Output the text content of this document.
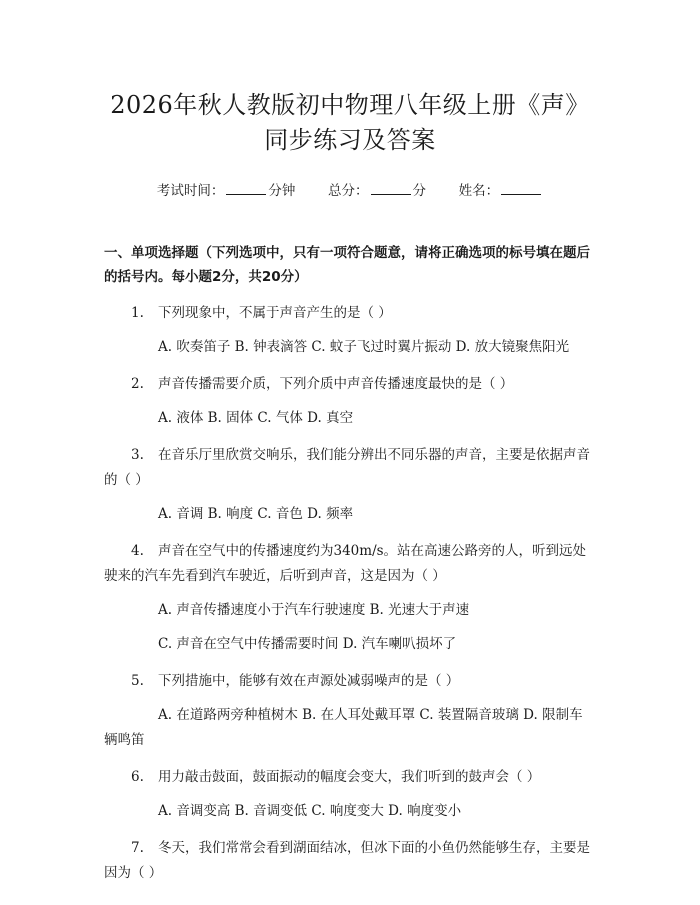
2026年秋人教版初中物理八年级上册《声》
同步练习及答案
考试时间：	分钟 总分：	分 姓名：
一、单项选择题（下列选项中，只有一项符合题意，请将正确选项的标号填在题后的括号内。每小题2分，共20分）
1. 下列现象中，不属于声音产生的是（ ）
A. 吹奏笛子 B. 钟表滴答 C. 蚊子飞过时翼片振动 D. 放大镜聚焦阳光
2. 声音传播需要介质，下列介质中声音传播速度最快的是（ ）
A. 液体 B. 固体 C. 气体 D. 真空
3. 在音乐厅里欣赏交响乐，我们能分辨出不同乐器的声音，主要是依据声音的（ ）
A. 音调 B. 响度 C. 音色 D. 频率
4. 声音在空气中的传播速度约为340m/s。站在高速公路旁的人，听到远处驶来的汽车先看到汽车驶近，后听到声音，这是因为（ ）
A. 声音传播速度小于汽车行驶速度 B. 光速大于声速
C. 声音在空气中传播需要时间 D. 汽车喇叭损坏了
5. 下列措施中，能够有效在声源处减弱噪声的是（ ）
A. 在道路两旁种植树木 B. 在人耳处戴耳罩 C. 装置隔音玻璃 D. 限制车辆鸣笛
6. 用力敲击鼓面，鼓面振动的幅度会变大，我们听到的鼓声会（ ）
A. 音调变高 B. 音调变低 C. 响度变大 D. 响度变小
7. 冬天，我们常常会看到湖面结冰，但冰下面的小鱼仍然能够生存，主要是因为（ ）
